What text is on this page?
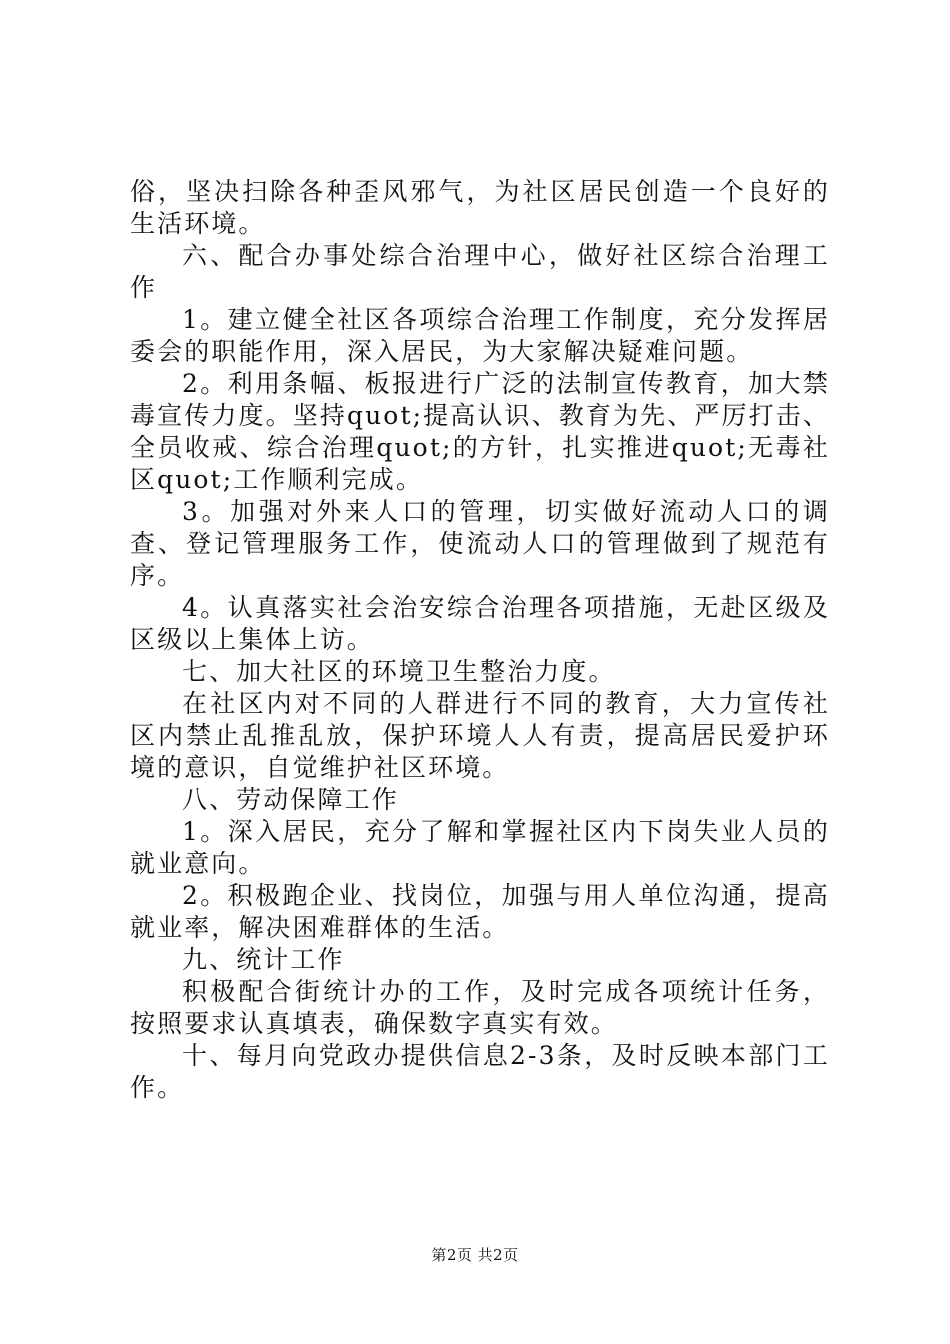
俗，坚决扫除各种歪风邪气，为社区居民创造一个良好的生活环境。

六、配合办事处综合治理中心，做好社区综合治理工作

1。建立健全社区各项综合治理工作制度，充分发挥居委会的职能作用，深入居民，为大家解决疑难问题。

2。利用条幅、板报进行广泛的法制宣传教育，加大禁毒宣传力度。坚持quot;提高认识、教育为先、严厉打击、全员收戒、综合治理quot;的方针，扎实推进quot;无毒社区quot;工作顺利完成。

3。加强对外来人口的管理，切实做好流动人口的调查、登记管理服务工作，使流动人口的管理做到了规范有序。

4。认真落实社会治安综合治理各项措施，无赴区级及区级以上集体上访。

七、加大社区的环境卫生整治力度。

在社区内对不同的人群进行不同的教育，大力宣传社区内禁止乱推乱放，保护环境人人有责，提高居民爱护环境的意识，自觉维护社区环境。

八、劳动保障工作

1。深入居民，充分了解和掌握社区内下岗失业人员的就业意向。

2。积极跑企业、找岗位，加强与用人单位沟通，提高就业率，解决困难群体的生活。

九、统计工作

积极配合街统计办的工作，及时完成各项统计任务，按照要求认真填表，确保数字真实有效。

十、每月向党政办提供信息2-3条，及时反映本部门工作。

第2页 共2页
